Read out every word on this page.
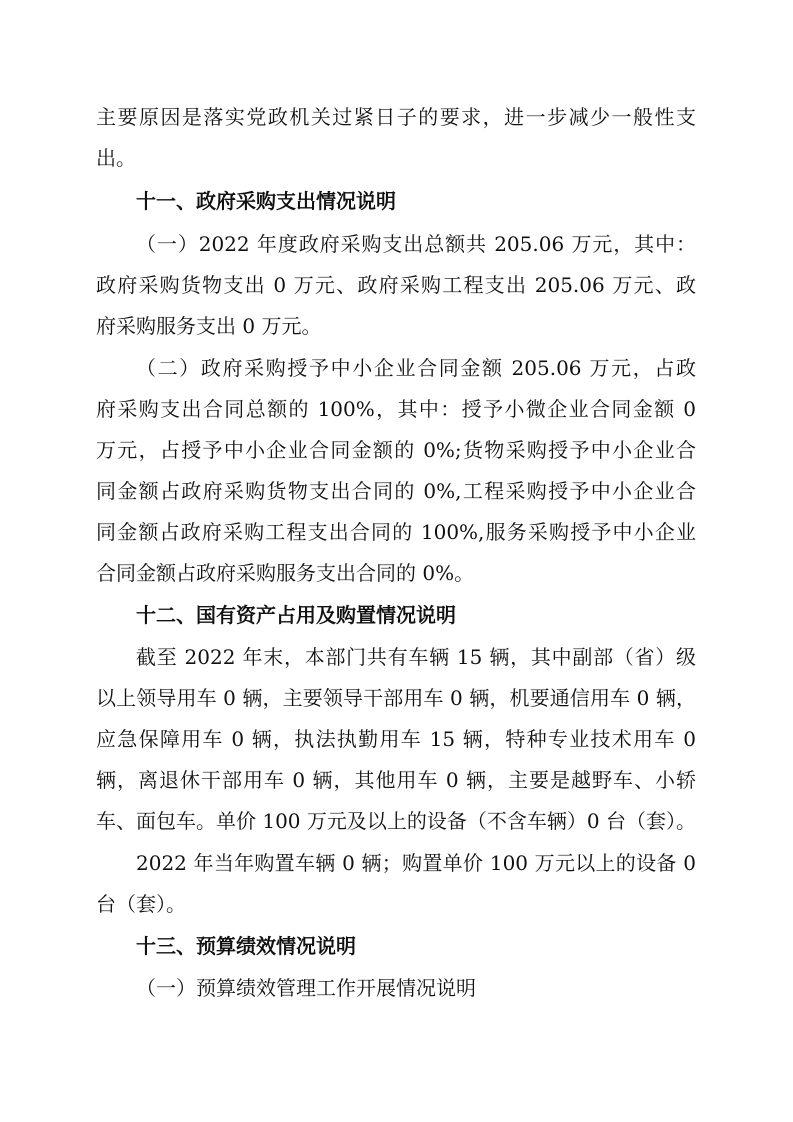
主要原因是落实党政机关过紧日子的要求，进一步减少一般性支
出。
十一、政府采购支出情况说明
（一）2022 年度政府采购支出总额共 205.06 万元，其中：
政府采购货物支出 0 万元、政府采购工程支出 205.06 万元、政
府采购服务支出 0 万元。
（二）政府采购授予中小企业合同金额 205.06 万元，占政
府采购支出合同总额的 100%，其中：授予小微企业合同金额 0
万元，占授予中小企业合同金额的 0%;货物采购授予中小企业合
同金额占政府采购货物支出合同的 0%,工程采购授予中小企业合
同金额占政府采购工程支出合同的 100%,服务采购授予中小企业
合同金额占政府采购服务支出合同的 0%。
十二、国有资产占用及购置情况说明
截至 2022 年末，本部门共有车辆 15 辆，其中副部（省）级
以上领导用车 0 辆，主要领导干部用车 0 辆，机要通信用车 0 辆，
应急保障用车 0 辆，执法执勤用车 15 辆，特种专业技术用车 0
辆，离退休干部用车 0 辆，其他用车 0 辆，主要是越野车、小轿
车、面包车。单价 100 万元及以上的设备（不含车辆）0 台（套）。
2022 年当年购置车辆 0 辆；购置单价 100 万元以上的设备 0
台（套）。
十三、预算绩效情况说明
（一）预算绩效管理工作开展情况说明
